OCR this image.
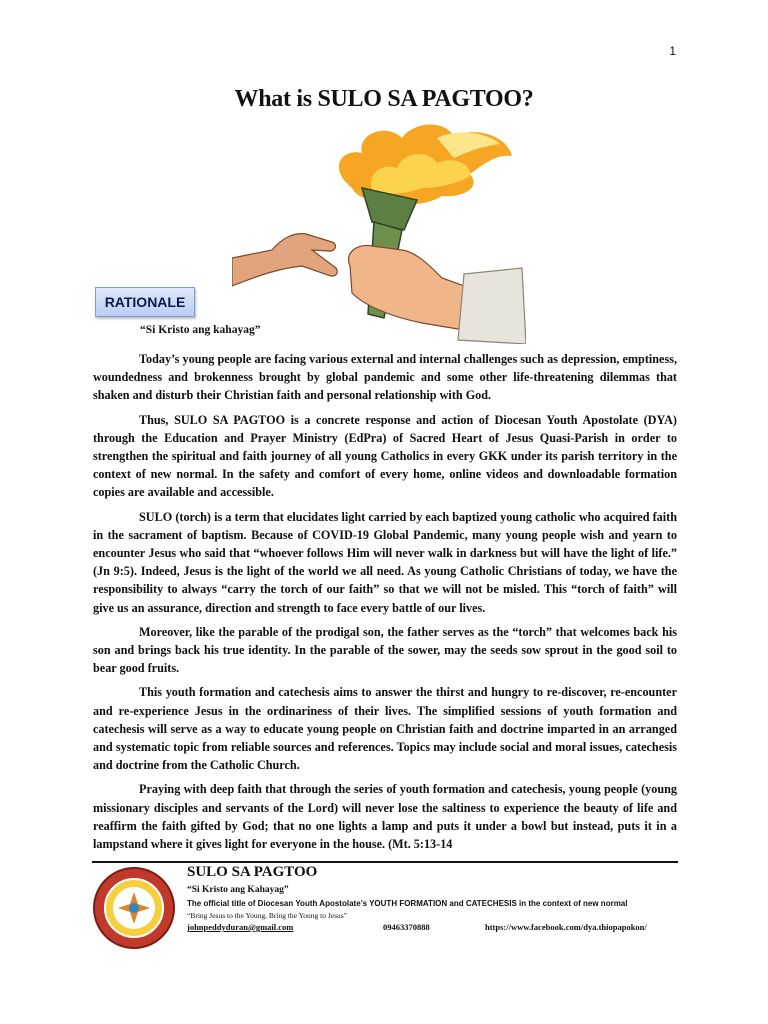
1
What is SULO SA PAGTOO?
RATIONALE
“Si Kristo ang kahayag”

Today’s young people are facing various external and internal challenges such as depression, emptiness, woundedness and brokenness brought by global pandemic and some other life-threatening dilemmas that shaken and disturb their Christian faith and personal relationship with God.

Thus, SULO SA PAGTOO is a concrete response and action of Diocesan Youth Apostolate (DYA) through the Education and Prayer Ministry (EdPra) of Sacred Heart of Jesus Quasi-Parish in order to strengthen the spiritual and faith journey of all young Catholics in every GKK under its parish territory in the context of new normal. In the safety and comfort of every home, online videos and downloadable formation copies are available and accessible.

SULO (torch) is a term that elucidates light carried by each baptized young catholic who acquired faith in the sacrament of baptism. Because of COVID-19 Global Pandemic, many young people wish and yearn to encounter Jesus who said that “whoever follows Him will never walk in darkness but will have the light of life.” (Jn 9:5). Indeed, Jesus is the light of the world we all need. As young Catholic Christians of today, we have the responsibility to always “carry the torch of our faith” so that we will not be misled. This “torch of faith” will give us an assurance, direction and strength to face every battle of our lives.

Moreover, like the parable of the prodigal son, the father serves as the “torch” that welcomes back his son and brings back his true identity. In the parable of the sower, may the seeds sow sprout in the good soil to bear good fruits.

This youth formation and catechesis aims to answer the thirst and hungry to re-discover, re-encounter and re-experience Jesus in the ordinariness of their lives. The simplified sessions of youth formation and catechesis will serve as a way to educate young people on Christian faith and doctrine imparted in an arranged and systematic topic from reliable sources and references. Topics may include social and moral issues, catechesis and doctrine from the Catholic Church.

Praying with deep faith that through the series of youth formation and catechesis, young people (young missionary disciples and servants of the Lord) will never lose the saltiness to experience the beauty of life and reaffirm the faith gifted by God; that no one lights a lamp and puts it under a bowl but instead, puts it in a lampstand where it gives light for everyone in the house. (Mt. 5:13-14

SULO SA PAGTOO
“Si Kristo ang Kahayag”
The official title of Diocesan Youth Apostolate’s YOUTH FORMATION and CATECHESIS in the context of new normal
“Bring Jesus to the Young, Bring the Young to Jesus”
johnpeddyduran@gmail.com	09463370888	https://www.facebook.com/dya.thiopapokon/
